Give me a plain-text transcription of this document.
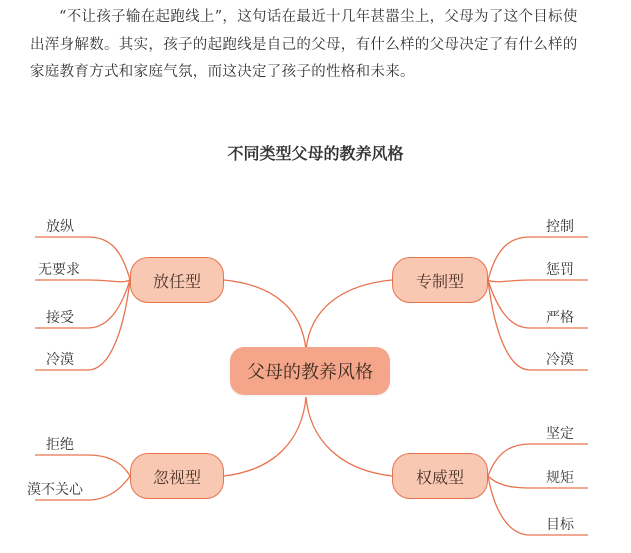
“不让孩子输在起跑线上”，这句话在最近十几年甚嚣尘上，父母为了这个目标使出浑身解数。其实，孩子的起跑线是自己的父母，有什么样的父母决定了有什么样的家庭教育方式和家庭气氛，而这决定了孩子的性格和未来。

不同类型父母的教养风格
父母的教养风格
放任型	专制型
忽视型	权威型
放纵
无要求
接受
冷漠
控制
惩罚
严格
冷漠
拒绝
漠不关心
坚定
规矩
目标
